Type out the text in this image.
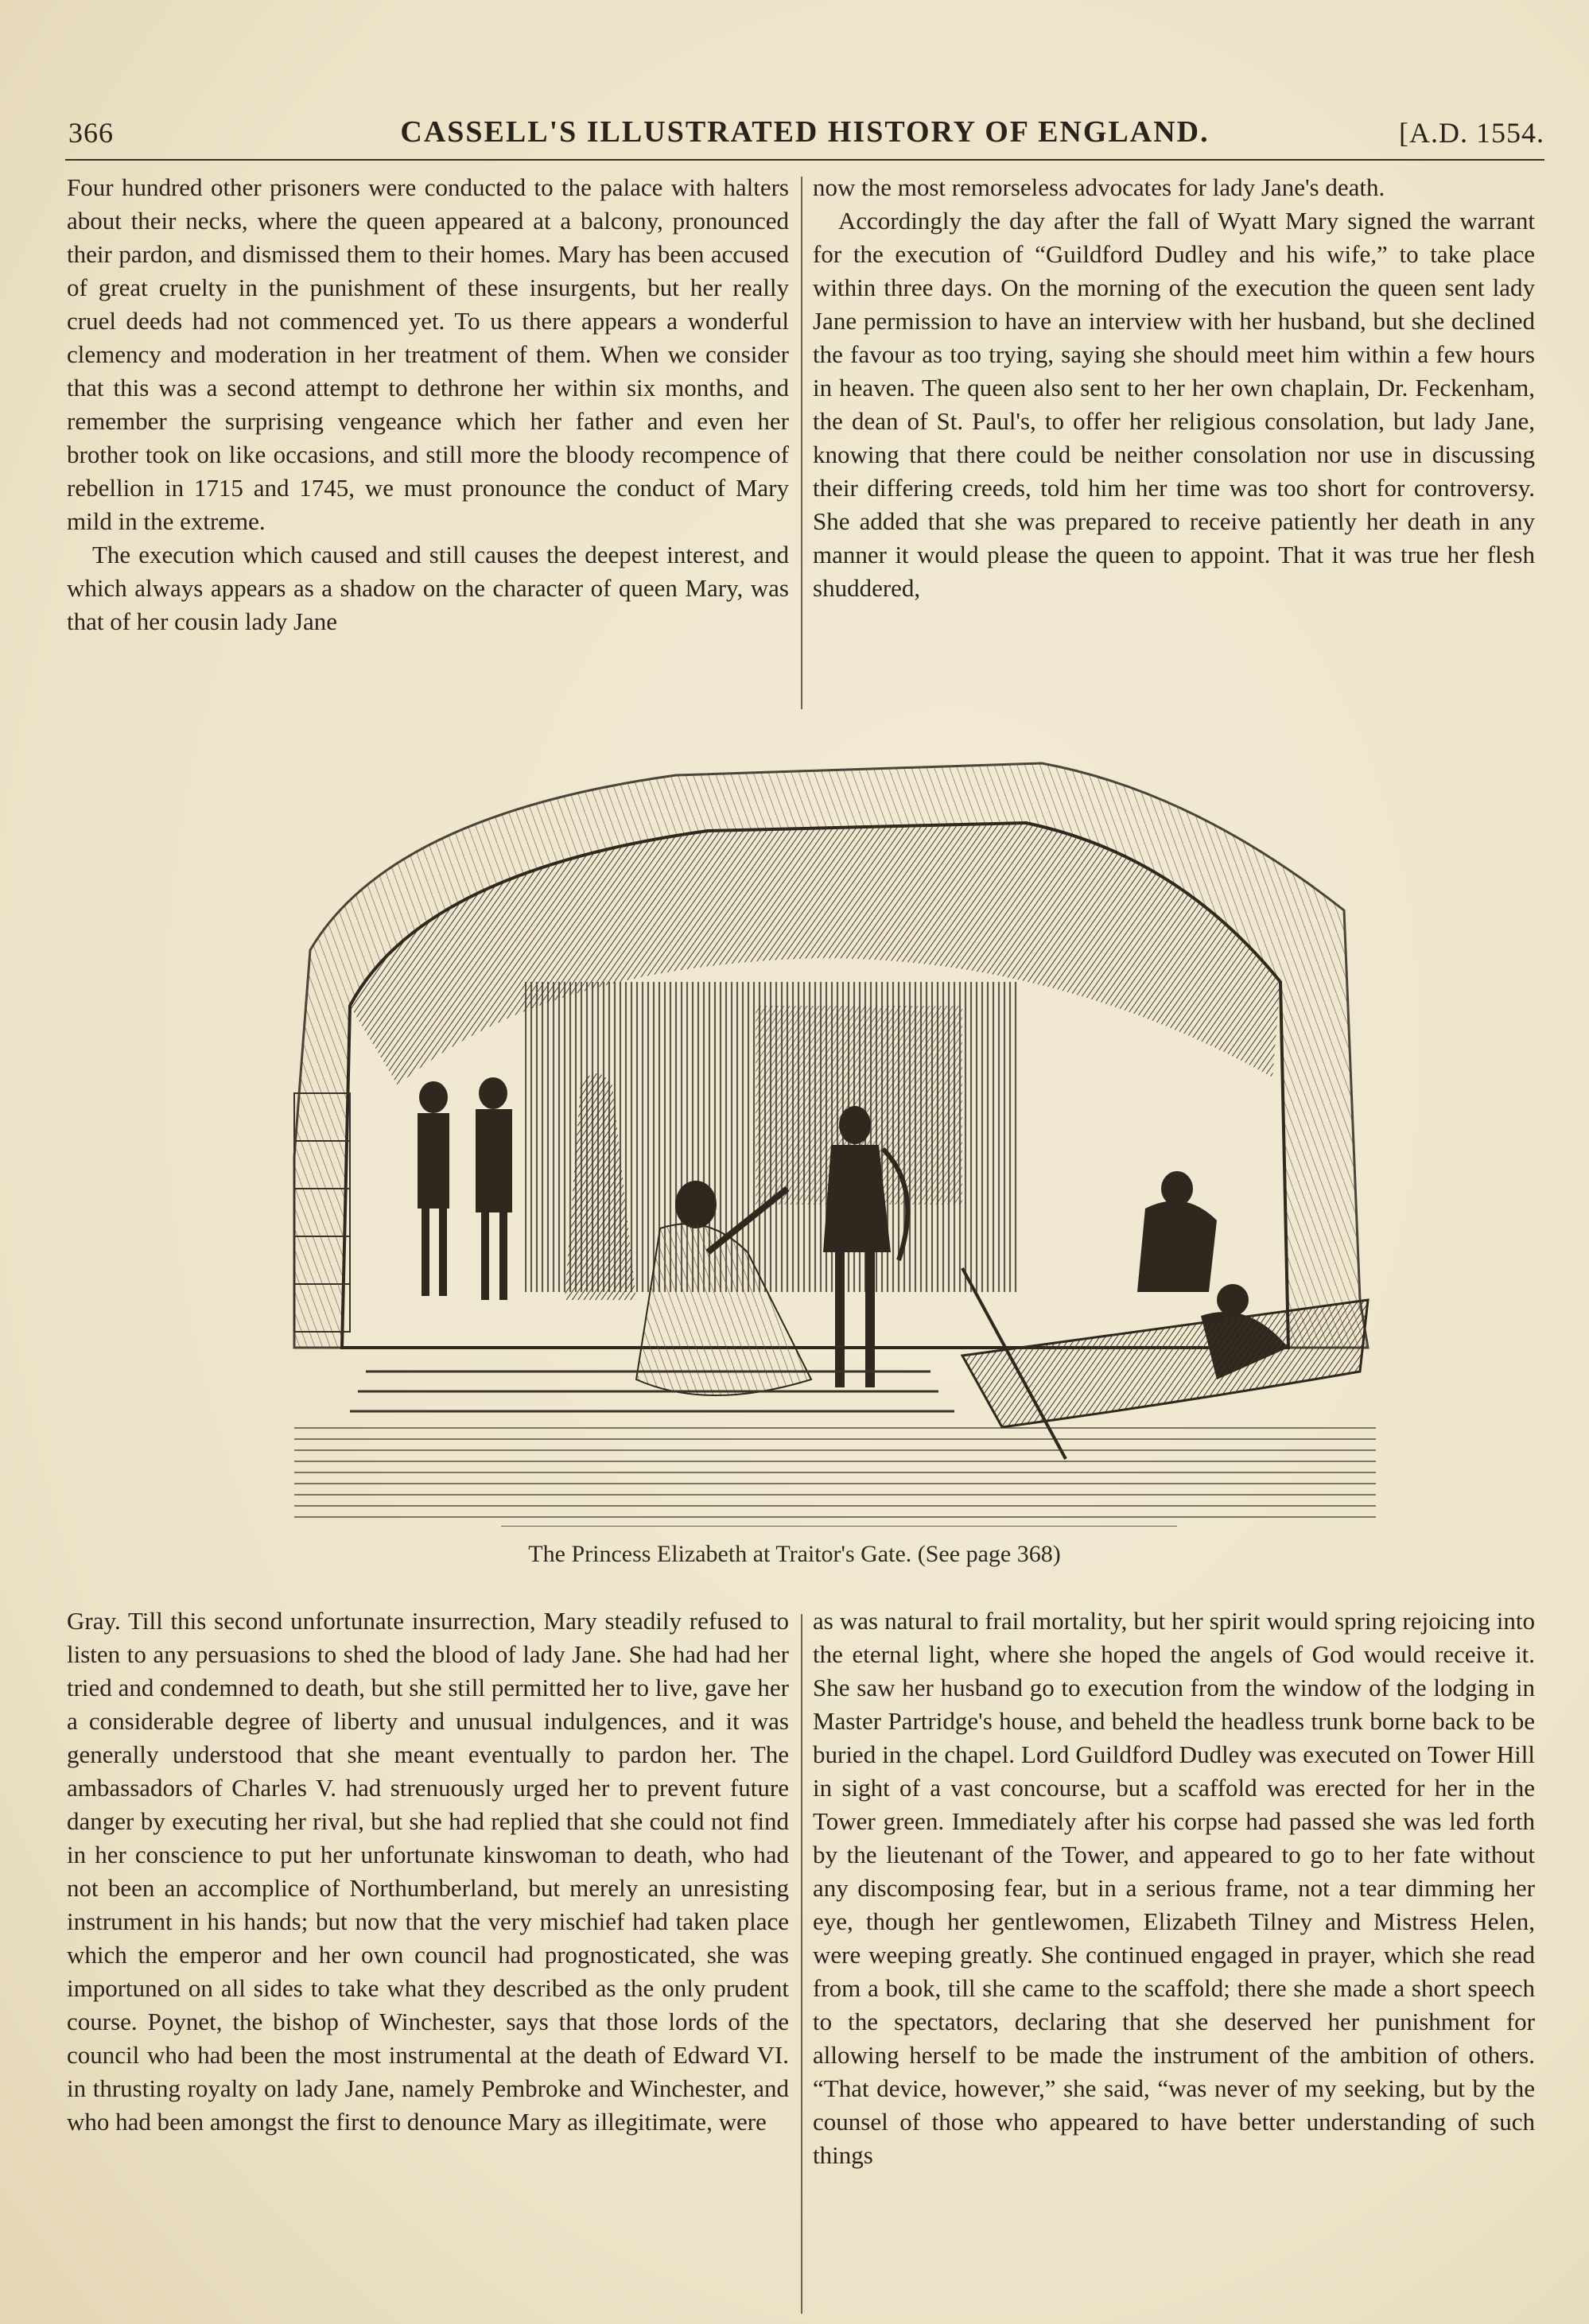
366	CASSELL'S ILLUSTRATED HISTORY OF ENGLAND.	[A.D. 1554.

Four hundred other prisoners were conducted to the palace with halters about their necks, where the queen appeared at a balcony, pronounced their pardon, and dismissed them to their homes. Mary has been accused of great cruelty in the punishment of these insurgents, but her really cruel deeds had not commenced yet. To us there appears a wonderful clemency and moderation in her treatment of them. When we consider that this was a second attempt to dethrone her within six months, and remember the surprising vengeance which her father and even her brother took on like occasions, and still more the bloody recompence of rebellion in 1715 and 1745, we must pronounce the conduct of Mary mild in the extreme.

The execution which caused and still causes the deepest interest, and which always appears as a shadow on the character of queen Mary, was that of her cousin lady Jane

now the most remorseless advocates for lady Jane's death.

Accordingly the day after the fall of Wyatt Mary signed the warrant for the execution of “Guildford Dudley and his wife,” to take place within three days. On the morning of the execution the queen sent lady Jane permission to have an interview with her husband, but she declined the favour as too trying, saying she should meet him within a few hours in heaven. The queen also sent to her her own chaplain, Dr. Feckenham, the dean of St. Paul's, to offer her religious consolation, but lady Jane, knowing that there could be neither consolation nor use in discussing their differing creeds, told him her time was too short for controversy. She added that she was prepared to receive patiently her death in any manner it would please the queen to appoint. That it was true her flesh shuddered,

The Princess Elizabeth at Traitor's Gate. (See page 368)

Gray. Till this second unfortunate insurrection, Mary steadily refused to listen to any persuasions to shed the blood of lady Jane. She had had her tried and condemned to death, but she still permitted her to live, gave her a considerable degree of liberty and unusual indulgences, and it was generally understood that she meant eventually to pardon her. The ambassadors of Charles V. had strenuously urged her to prevent future danger by executing her rival, but she had replied that she could not find in her conscience to put her unfortunate kinswoman to death, who had not been an accomplice of Northumberland, but merely an unresisting instrument in his hands; but now that the very mischief had taken place which the emperor and her own council had prognosticated, she was importuned on all sides to take what they described as the only prudent course. Poynet, the bishop of Winchester, says that those lords of the council who had been the most instrumental at the death of Edward VI. in thrusting royalty on lady Jane, namely Pembroke and Winchester, and who had been amongst the first to denounce Mary as illegitimate, were

as was natural to frail mortality, but her spirit would spring rejoicing into the eternal light, where she hoped the angels of God would receive it. She saw her husband go to execution from the window of the lodging in Master Partridge's house, and beheld the headless trunk borne back to be buried in the chapel. Lord Guildford Dudley was executed on Tower Hill in sight of a vast concourse, but a scaffold was erected for her in the Tower green. Immediately after his corpse had passed she was led forth by the lieutenant of the Tower, and appeared to go to her fate without any discomposing fear, but in a serious frame, not a tear dimming her eye, though her gentlewomen, Elizabeth Tilney and Mistress Helen, were weeping greatly. She continued engaged in prayer, which she read from a book, till she came to the scaffold; there she made a short speech to the spectators, declaring that she deserved her punishment for allowing herself to be made the instrument of the ambition of others. “That device, however,” she said, “was never of my seeking, but by the counsel of those who appeared to have better understanding of such things
